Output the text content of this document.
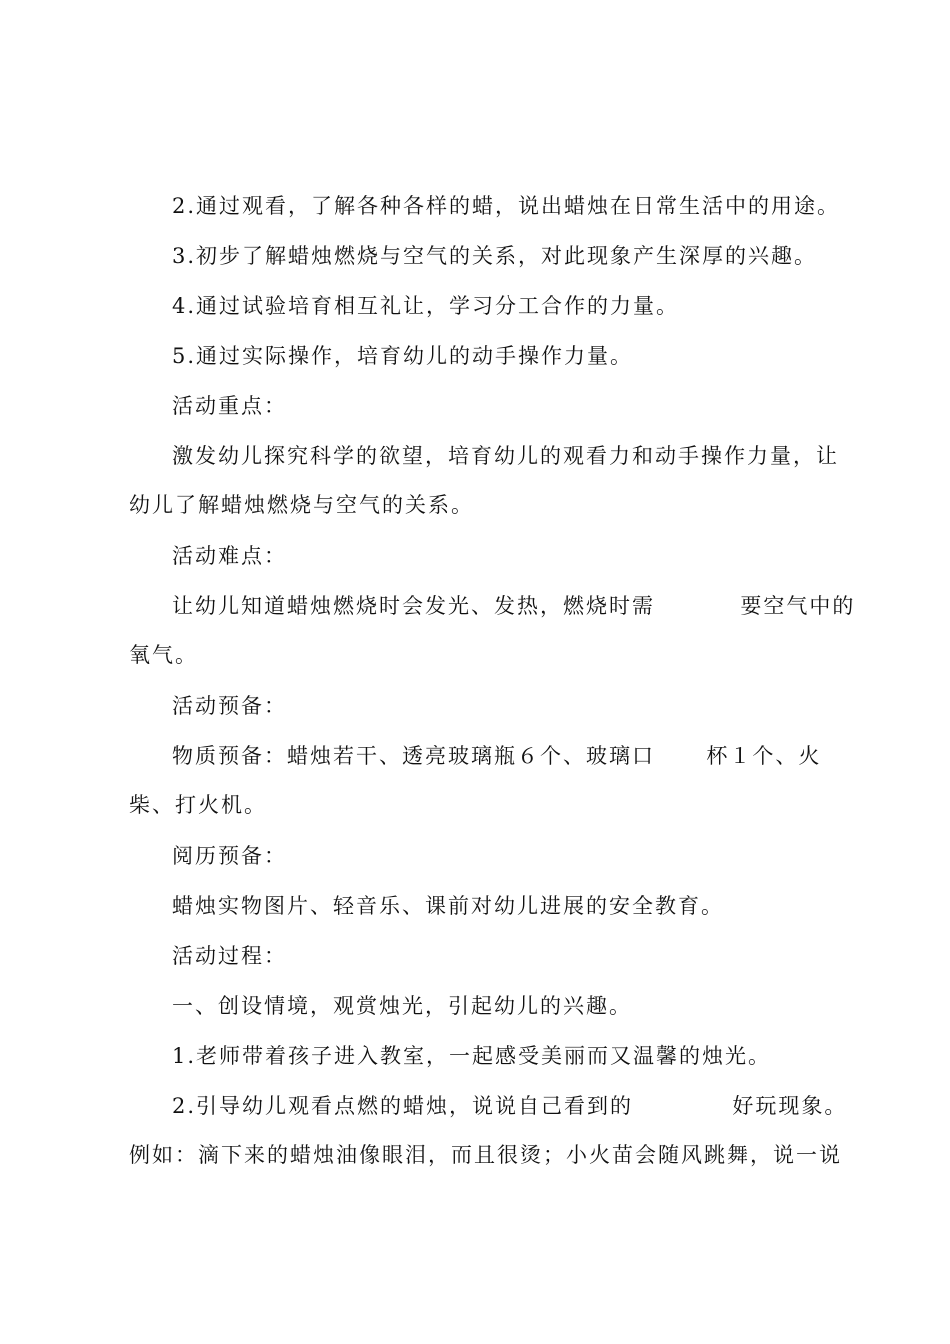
2.通过观看，了解各种各样的蜡，说出蜡烛在日常生活中的用途。
3.初步了解蜡烛燃烧与空气的关系，对此现象产生深厚的兴趣。
4.通过试验培育相互礼让，学习分工合作的力量。
5.通过实际操作，培育幼儿的动手操作力量。
活动重点：
激发幼儿探究科学的欲望，培育幼儿的观看力和动手操作力量，让
幼儿了解蜡烛燃烧与空气的关系。
活动难点：
让幼儿知道蜡烛燃烧时会发光、发热，燃烧时需	要空气中的
氧气。
活动预备：
物质预备：蜡烛若干、透亮玻璃瓶６个、玻璃口 杯１个、火
柴、打火机。
阅历预备：
蜡烛实物图片、轻音乐、课前对幼儿进展的安全教育。
活动过程：
一、创设情境，观赏烛光，引起幼儿的兴趣。
1.老师带着孩子进入教室，一起感受美丽而又温馨的烛光。
2.引导幼儿观看点燃的蜡烛，说说自己看到的	好玩现象。
例如：滴下来的蜡烛油像眼泪，而且很烫；小火苗会随风跳舞，说一说
